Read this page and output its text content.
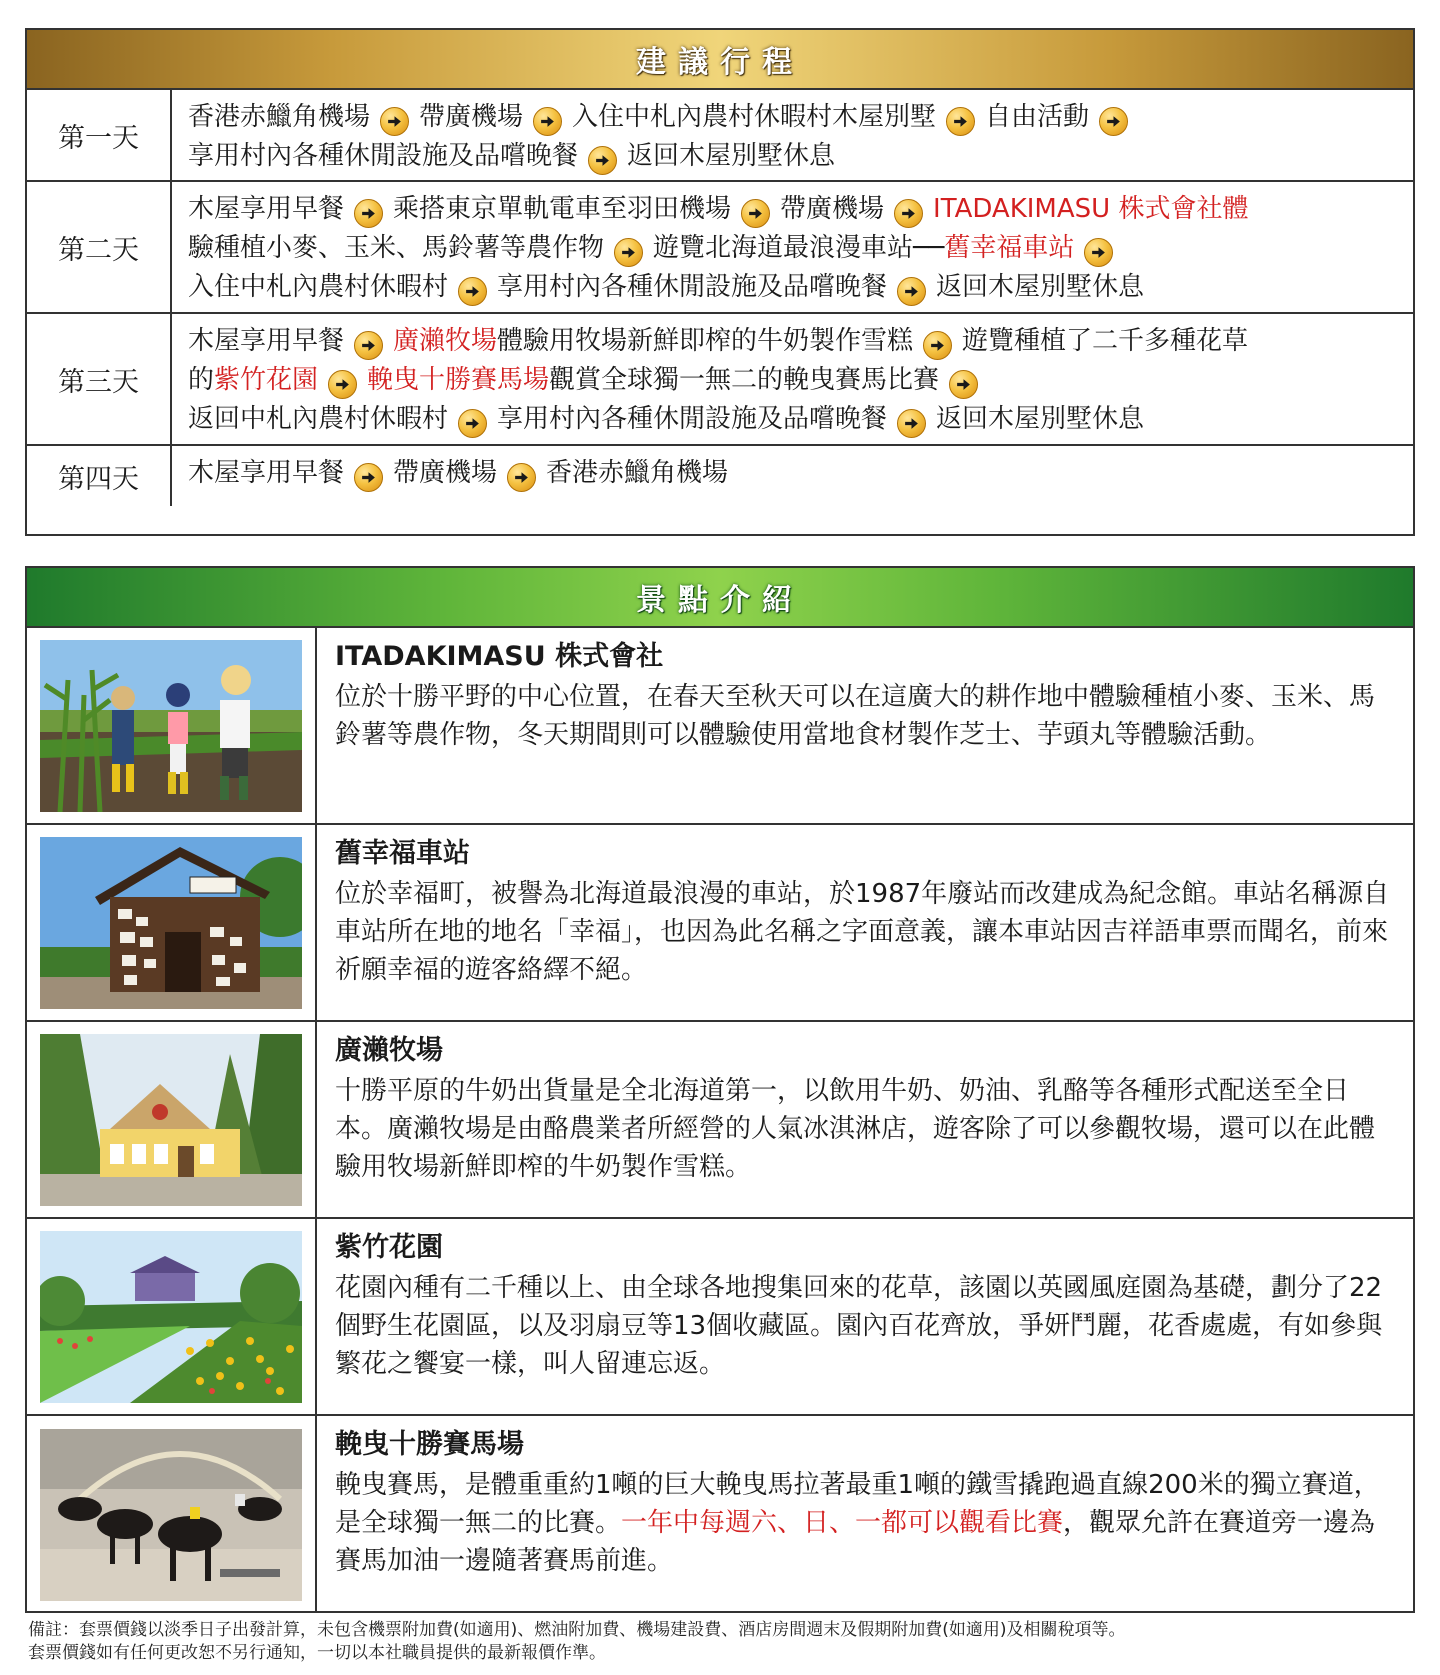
建議行程
第一天
香港赤鱲角機場 帶廣機場 入住中札內農村休暇村木屋別墅 自由活動
享用村內各種休閒設施及品嚐晚餐 返回木屋別墅休息
第二天
木屋享用早餐 乘搭東京單軌電車至羽田機場 帶廣機場 ITADAKIMASU 株式會社體
驗種植小麥、玉米、馬鈴薯等農作物 遊覽北海道最浪漫車站──舊幸福車站
入住中札內農村休暇村 享用村內各種休閒設施及品嚐晚餐 返回木屋別墅休息
第三天
木屋享用早餐 廣瀨牧場體驗用牧場新鮮即榨的牛奶製作雪糕 遊覽種植了二千多種花草
的紫竹花園 輓曳十勝賽馬場觀賞全球獨一無二的輓曳賽馬比賽
返回中札內農村休暇村 享用村內各種休閒設施及品嚐晚餐 返回木屋別墅休息
第四天	木屋享用早餐 帶廣機場 香港赤鱲角機場
景點介紹
ITADAKIMASU 株式會社
位於十勝平野的中心位置，在春天至秋天可以在這廣大的耕作地中體驗種植小麥、玉米、馬鈴薯等農作物，冬天期間則可以體驗使用當地食材製作芝士、芋頭丸等體驗活動。
舊幸福車站
位於幸福町，被譽為北海道最浪漫的車站，於1987年廢站而改建成為紀念館。車站名稱源自車站所在地的地名「幸福」，也因為此名稱之字面意義，讓本車站因吉祥語車票而聞名，前來祈願幸福的遊客絡繹不絕。
廣瀨牧場
十勝平原的牛奶出貨量是全北海道第一，以飲用牛奶、奶油、乳酪等各種形式配送至全日本。廣瀨牧場是由酪農業者所經營的人氣冰淇淋店，遊客除了可以參觀牧場，還可以在此體驗用牧場新鮮即榨的牛奶製作雪糕。
紫竹花園
花園內種有二千種以上、由全球各地搜集回來的花草，該園以英國風庭園為基礎，劃分了22個野生花園區，以及羽扇豆等13個收藏區。園內百花齊放，爭妍鬥麗，花香處處，有如參與繁花之饗宴一樣，叫人留連忘返。
輓曳十勝賽馬場
輓曳賽馬，是體重重約1噸的巨大輓曳馬拉著最重1噸的鐵雪撬跑過直線200米的獨立賽道，是全球獨一無二的比賽。一年中每週六、日、一都可以觀看比賽，觀眾允許在賽道旁一邊為賽馬加油一邊隨著賽馬前進。
備註：套票價錢以淡季日子出發計算，未包含機票附加費(如適用)、燃油附加費、機場建設費、酒店房間週末及假期附加費(如適用)及相關稅項等。
套票價錢如有任何更改恕不另行通知，一切以本社職員提供的最新報價作準。
